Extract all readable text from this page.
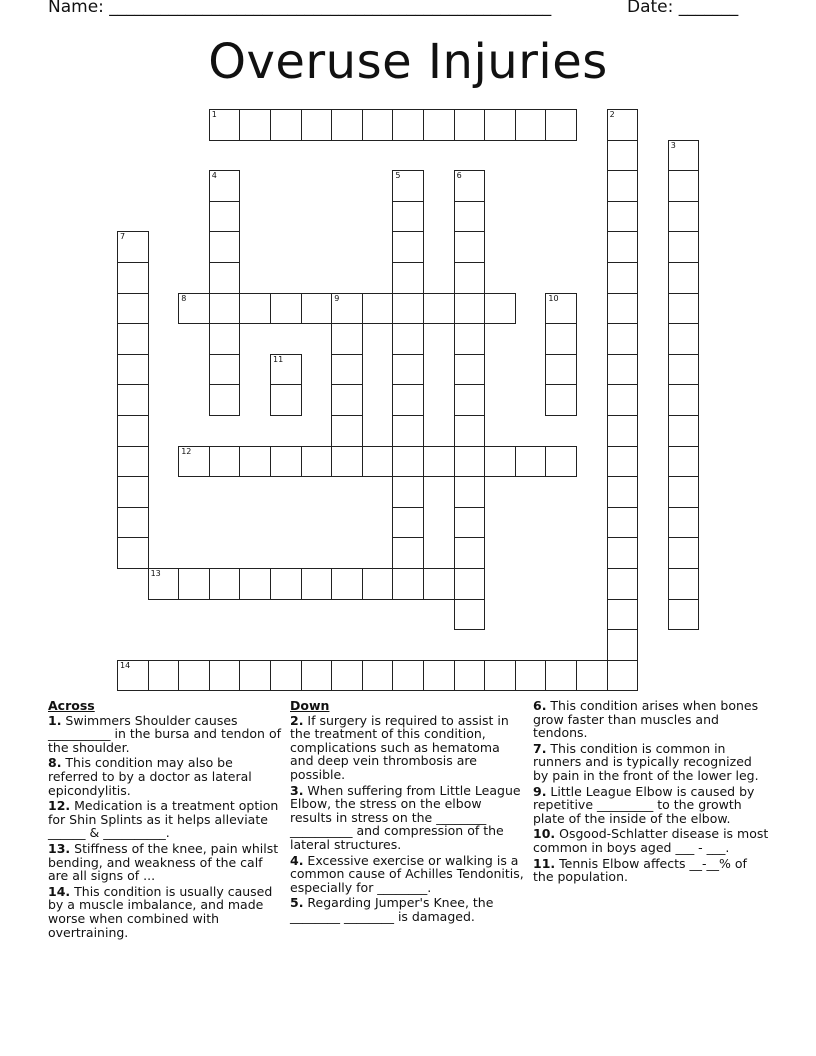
Name: ____________________________________________________	Date: _______
Overuse Injuries
1	2
3
4	5	6
7
8	9	10
11
12
13
14
Across
1. Swimmers Shoulder causes __________ in the bursa and tendon of the shoulder.
8. This condition may also be referred to by a doctor as lateral epicondylitis.
12. Medication is a treatment option for Shin Splints as it helps alleviate ______ & __________.
13. Stiffness of the knee, pain whilst bending, and weakness of the calf are all signs of ...
14. This condition is usually caused by a muscle imbalance, and made worse when combined with overtraining.
Down
2. If surgery is required to assist in the treatment of this condition, complications such as hematoma and deep vein thrombosis are possible.
3. When suffering from Little League Elbow, the stress on the elbow results in stress on the ________ __________ and compression of the lateral structures.
4. Excessive exercise or walking is a common cause of Achilles Tendonitis, especially for ________.
5. Regarding Jumper's Knee, the ________ ________ is damaged.
6. This condition arises when bones grow faster than muscles and tendons.
7. This condition is common in runners and is typically recognized by pain in the front of the lower leg.
9. Little League Elbow is caused by repetitive _________ to the growth plate of the inside of the elbow.
10. Osgood-Schlatter disease is most common in boys aged ___ - ___.
11. Tennis Elbow affects __-__% of the population.
